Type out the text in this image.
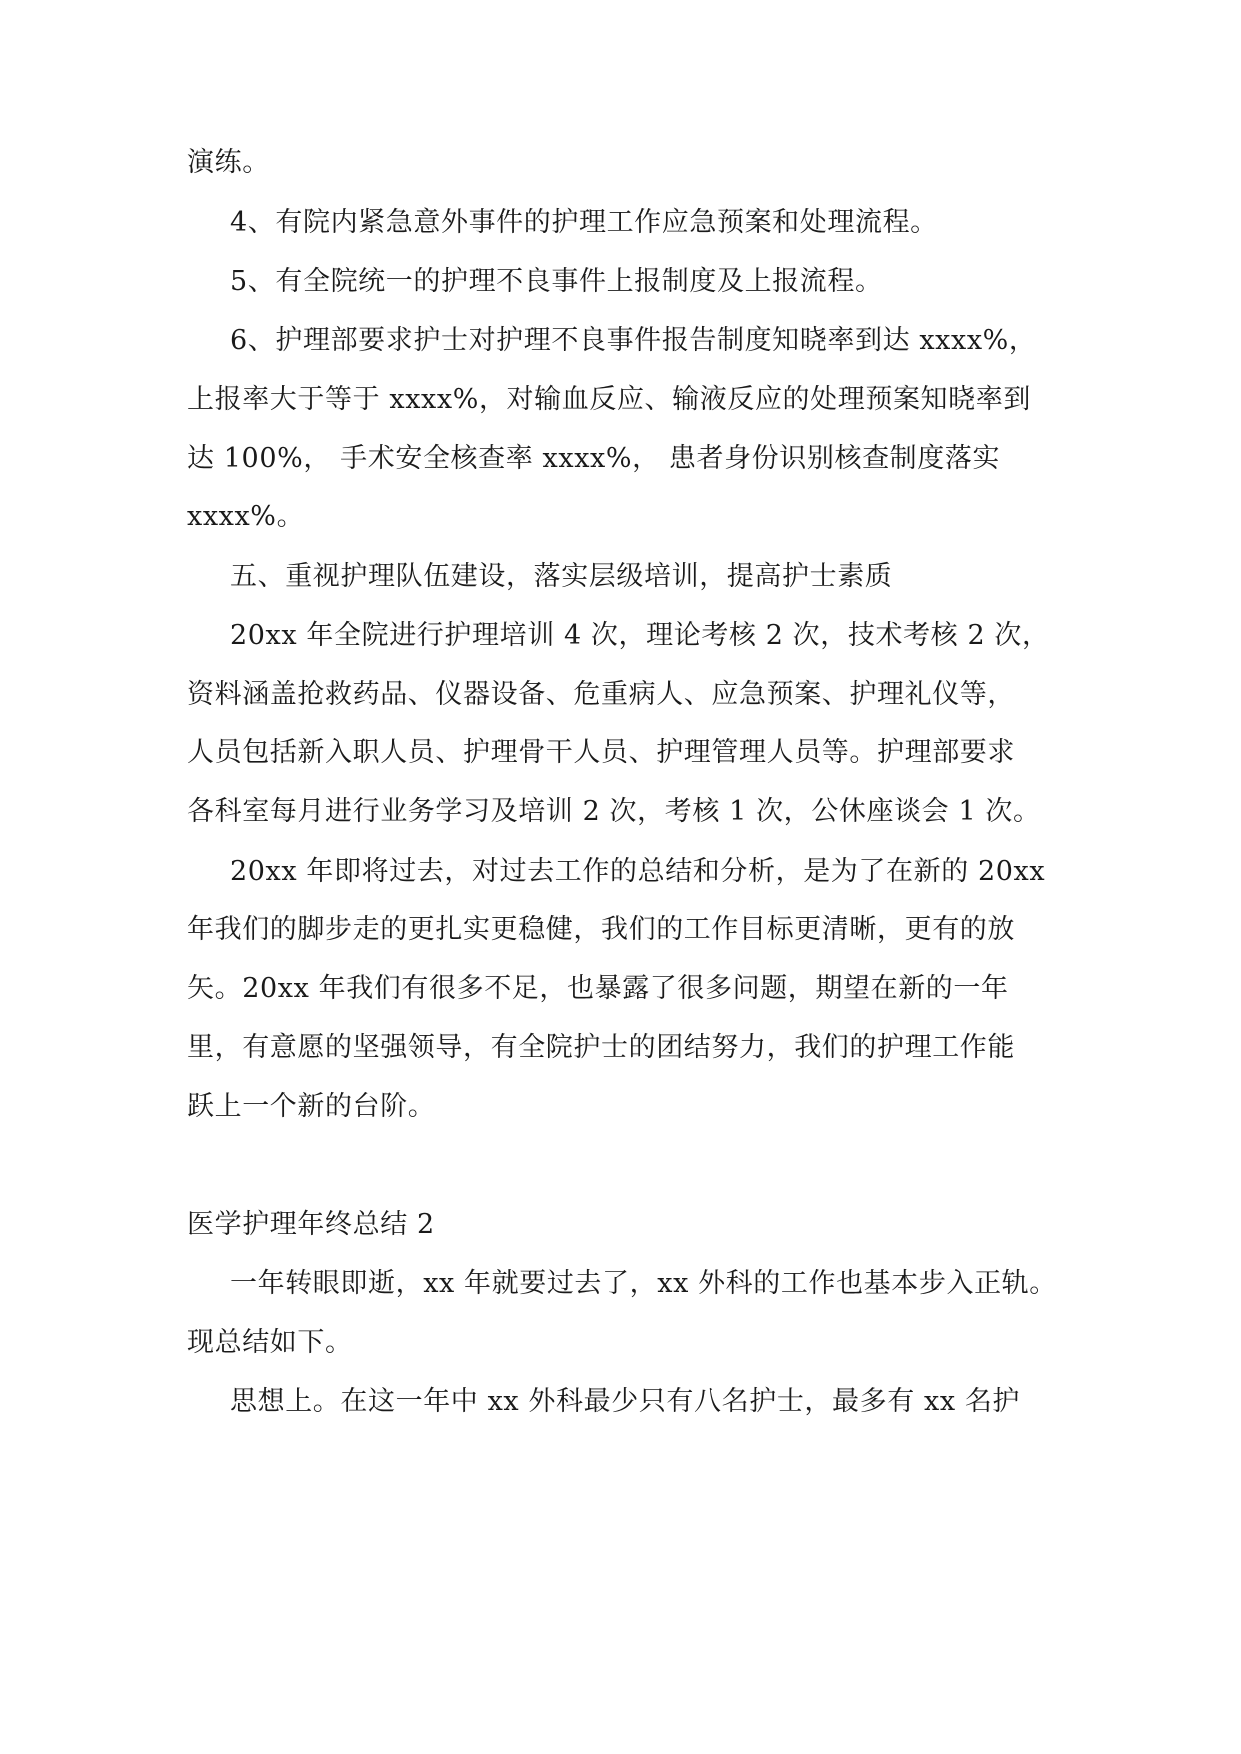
演练。
4、有院内紧急意外事件的护理工作应急预案和处理流程。
5、有全院统一的护理不良事件上报制度及上报流程。
6、护理部要求护士对护理不良事件报告制度知晓率到达 xxxx%，
上报率大于等于 xxxx%，对输血反应、输液反应的处理预案知晓率到
达 100%， 手术安全核查率 xxxx%， 患者身份识别核查制度落实
xxxx%。
五、重视护理队伍建设，落实层级培训，提高护士素质
20xx 年全院进行护理培训 4 次，理论考核 2 次，技术考核 2 次，
资料涵盖抢救药品、仪器设备、危重病人、应急预案、护理礼仪等，
人员包括新入职人员、护理骨干人员、护理管理人员等。护理部要求
各科室每月进行业务学习及培训 2 次，考核 1 次，公休座谈会 1 次。
20xx 年即将过去，对过去工作的总结和分析，是为了在新的 20xx
年我们的脚步走的更扎实更稳健，我们的工作目标更清晰，更有的放
矢。20xx 年我们有很多不足，也暴露了很多问题，期望在新的一年
里，有意愿的坚强领导，有全院护士的团结努力，我们的护理工作能
跃上一个新的台阶。
医学护理年终总结 2
一年转眼即逝，xx 年就要过去了，xx 外科的工作也基本步入正轨。
现总结如下。
思想上。在这一年中 xx 外科最少只有八名护士，最多有 xx 名护
